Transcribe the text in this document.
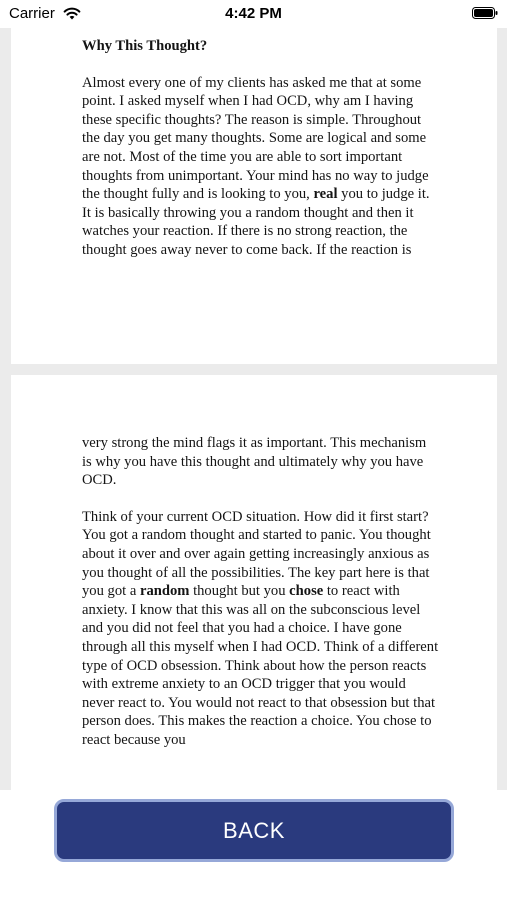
Carrier	4:42 PM
Why This Thought?
Almost every one of my clients has asked me that at some point. I asked myself when I had OCD, why am I having these specific thoughts? The reason is simple. Throughout the day you get many thoughts. Some are logical and some are not. Most of the time you are able to sort important thoughts from unimportant. Your mind has no way to judge the thought fully and is looking to you, real you to judge it. It is basically throwing you a random thought and then it watches your reaction. If there is no strong reaction, the thought goes away never to come back. If the reaction is
very strong the mind flags it as important. This mechanism is why you have this thought and ultimately why you have OCD.
Think of your current OCD situation. How did it first start? You got a random thought and started to panic. You thought about it over and over again getting increasingly anxious as you thought of all the possibilities. The key part here is that you got a random thought but you chose to react with anxiety. I know that this was all on the subconscious level and you did not feel that you had a choice. I have gone through all this myself when I had OCD. Think of a different type of OCD obsession. Think about how the person reacts with extreme anxiety to an OCD trigger that you would never react to. You would not react to that obsession but that person does. This makes the reaction a choice. You chose to react because you
BACK
